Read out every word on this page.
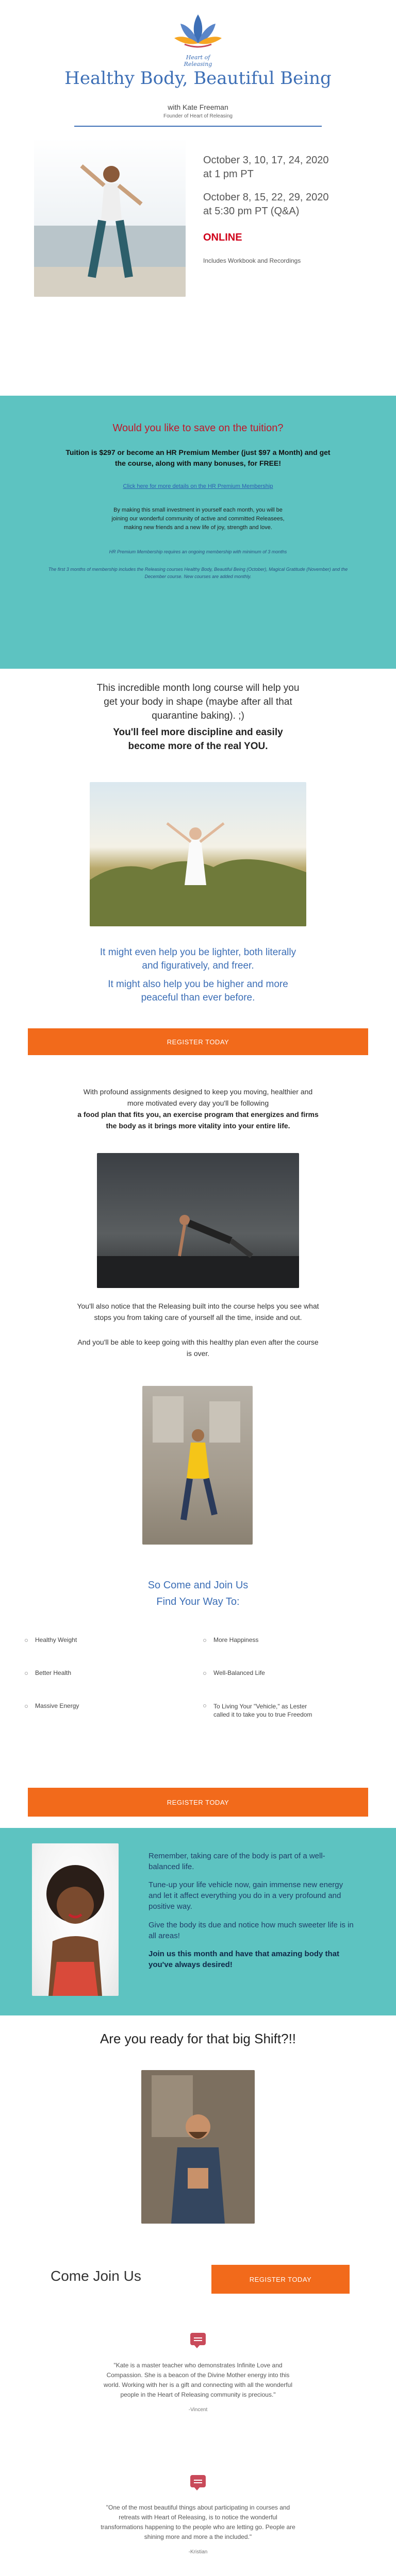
Heart of Releasing
Healthy Body, Beautiful Being
with Kate Freeman
Founder of Heart of Releasing
October 3, 10, 17, 24, 2020
at 1 pm PT
October 8, 15, 22, 29, 2020
at 5:30 pm PT (Q&A)
ONLINE
Includes Workbook and Recordings
Would you like to save on the tuition?
Tuition is $297 or become an HR Premium Member (just $97 a Month) and get the course, along with many bonuses, for FREE!
Click here for more details on the HR Premium Membership
By making this small investment in yourself each month, you will be joining our wonderful community of active and committed Releasees, making new friends and a new life of joy, strength and love.
HR Premium Membership requires an ongoing membership with minimum of 3 months
The first 3 months of membership includes the Releasing courses Healthy Body, Beautiful Being (October), Magical Gratitude (November) and the December course. New courses are added monthly.
This incredible month long course will help you get your body in shape (maybe after all that quarantine baking). ;)
You'll feel more discipline and easily become more of the real YOU.
It might even help you be lighter, both literally and figuratively, and freer.
It might also help you be higher and more peaceful than ever before.
REGISTER TODAY
With profound assignments designed to keep you moving, healthier and more motivated every day you'll be following
a food plan that fits you, an exercise program that energizes and firms the body as it brings more vitality into your entire life.
You'll also notice that the Releasing built into the course helps you see what stops you from taking care of yourself all the time, inside and out.
And you'll be able to keep going with this healthy plan even after the course is over.
So Come and Join Us
Find Your Way To:
Healthy Weight
Better Health
Massive Energy
More Happiness
Well-Balanced Life
To Living Your "Vehicle," as Lester called it to take you to true Freedom
REGISTER TODAY
Remember, taking care of the body is part of a well-balanced life.
Tune-up your life vehicle now, gain immense new energy and let it affect everything you do in a very profound and positive way.
Give the body its due and notice how much sweeter life is in all areas!
Join us this month and have that amazing body that you've always desired!
Are you ready for that big Shift?!!
Come Join Us	REGISTER TODAY
"Kate is a master teacher who demonstrates Infinite Love and Compassion. She is a beacon of the Divine Mother energy into this world. Working with her is a gift and connecting with all the wonderful people in the Heart of Releasing community is precious."
-Vincent
"One of the most beautiful things about participating in courses and retreats with Heart of Releasing, is to notice the wonderful transformations happening to the people who are letting go. People are shining more and more a the included."
-Kristian
